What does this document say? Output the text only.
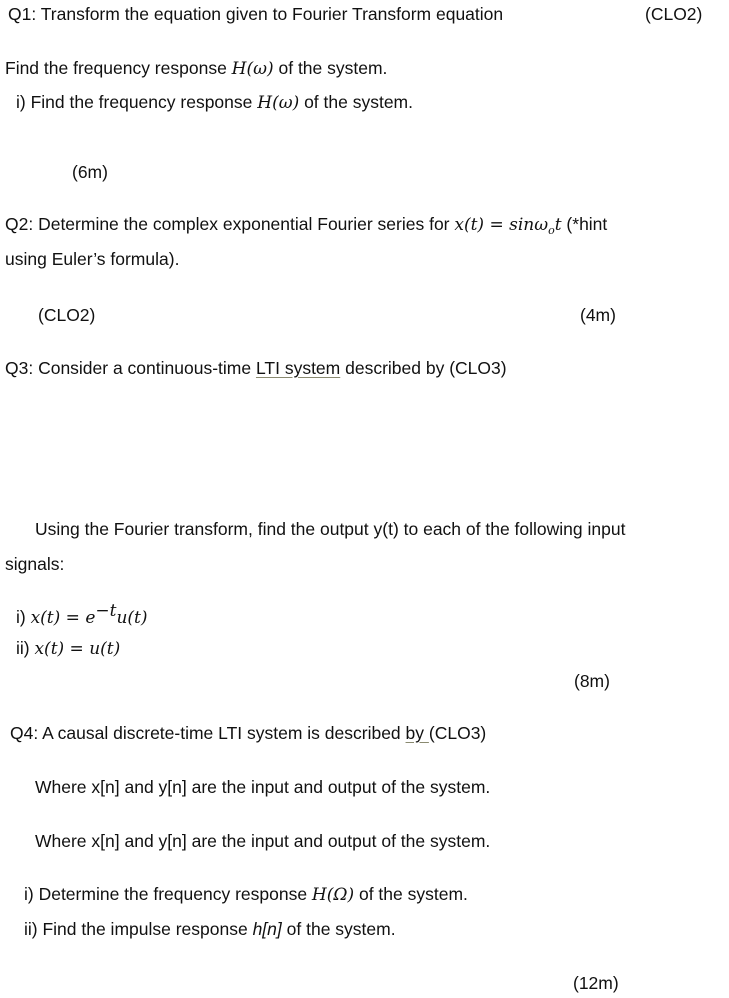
Q1: Transform the equation given to Fourier Transform equation	(CLO2)
Find the frequency response H(ω) of the system.
i) Find the frequency response H(ω) of the system.
(6m)
Q2: Determine the complex exponential Fourier series for x(t) = sinω$_o$t (*hint
using Euler’s formula).
(CLO2)	(4m)
Q3: Consider a continuous-time LTI system described by (CLO3)
Using the Fourier transform, find the output y(t) to each of the following input
signals:
i) $x(t) = e^{-t}u(t)$
ii) x(t) = u(t)
(8m)
Q4: A causal discrete-time LTI system is described by (CLO3)
Where x[n] and y[n] are the input and output of the system.
Where x[n] and y[n] are the input and output of the system.
i) Determine the frequency response H(Ω) of the system.
ii) Find the impulse response h[n] of the system.
(12m)
